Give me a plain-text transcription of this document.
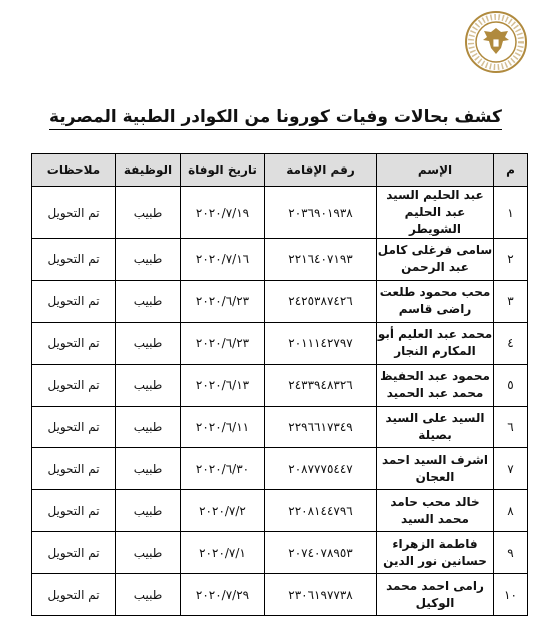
كشف بحالات وفيات كورونا من الكوادر الطبية المصرية
م	الإسم	رقم الإقامة	تاريخ الوفاة	الوظيفة	ملاحظات
١	عبد الحليم السيد عبد الحليم الشويطر	٢٠٣٦٩٠١٩٣٨	٢٠٢٠/٧/١٩	طبيب	تم التحويل
٢	سامى فرغلى كامل عبد الرحمن	٢٢١٦٤٠٧١٩٣	٢٠٢٠/٧/١٦	طبيب	تم التحويل
٣	محب محمود طلعت راضى قاسم	٢٤٢٥٣٨٧٤٢٦	٢٠٢٠/٦/٢٣	طبيب	تم التحويل
٤	محمد عبد العليم أبو المكارم النجار	٢٠١١١٤٢٧٩٧	٢٠٢٠/٦/٢٣	طبيب	تم التحويل
٥	محمود عبد الحفيظ محمد عبد الحميد	٢٤٣٣٩٤٨٣٢٦	٢٠٢٠/٦/١٣	طبيب	تم التحويل
٦	السيد على السيد بصيلة	٢٢٩٦٦١٧٣٤٩	٢٠٢٠/٦/١١	طبيب	تم التحويل
٧	اشرف السيد احمد العجان	٢٠٨٧٧٧٥٤٤٧	٢٠٢٠/٦/٣٠	طبيب	تم التحويل
٨	خالد محب حامد محمد السيد	٢٢٠٨١٤٤٧٩٦	٢٠٢٠/٧/٢	طبيب	تم التحويل
٩	فاطمة الزهراء حسانين نور الدين	٢٠٧٤٠٧٨٩٥٣	٢٠٢٠/٧/١	طبيب	تم التحويل
١٠	رامى احمد محمد الوكيل	٢٣٠٦١٩٧٧٣٨	٢٠٢٠/٧/٢٩	طبيب	تم التحويل
